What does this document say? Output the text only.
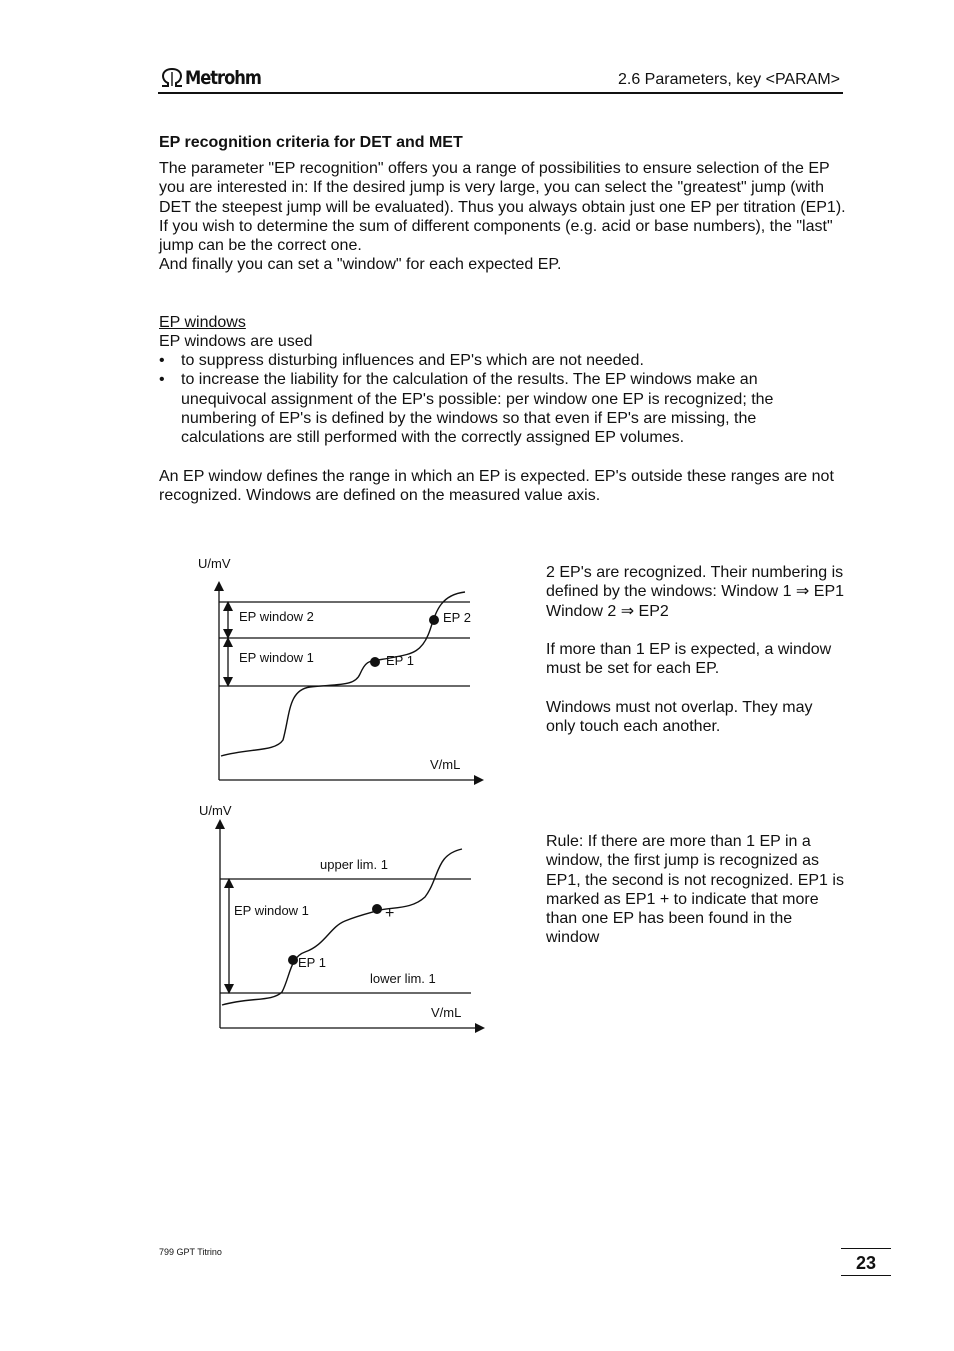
Metrohm	2.6 Parameters, key <PARAM>
EP recognition criteria for DET and MET

The parameter "EP recognition" offers you a range of possibilities to ensure selection of the EP you are interested in: If the desired jump is very large, you can select the "greatest" jump (with DET the steepest jump will be evaluated). Thus you always obtain just one EP per titration (EP1).

If you wish to determine the sum of different components (e.g. acid or base numbers), the "last" jump can be the correct one.

And finally you can set a "window" for each expected EP.

EP windows
EP windows are used
• to suppress disturbing influences and EP's which are not needed.
• to increase the liability for the calculation of the results. The EP windows make an unequivocal assignment of the EP's possible: per window one EP is recognized; the numbering of EP's is defined by the windows so that even if EP's are missing, the calculations are still performed with the correctly assigned EP volumes.

An EP window defines the range in which an EP is expected. EP's outside these ranges are not recognized. Windows are defined on the measured value axis.

U/mV
EP window 2
EP window 1	EP 1
EP 2
V/mL
U/mV
upper lim. 1
EP window 1
EP 1
lower lim. 1
V/mL
+

2 EP's are recognized. Their numbering is defined by the windows: Window 1 ⇒ EP1 Window 2 ⇒ EP2

If more than 1 EP is expected, a window must be set for each EP.

Windows must not overlap. They may only touch each another.

Rule: If there are more than 1 EP in a window, the first jump is recognized as EP1, the second is not recognized. EP1 is marked as EP1 + to indicate that more than one EP has been found in the window

799 GPT Titrino
23
